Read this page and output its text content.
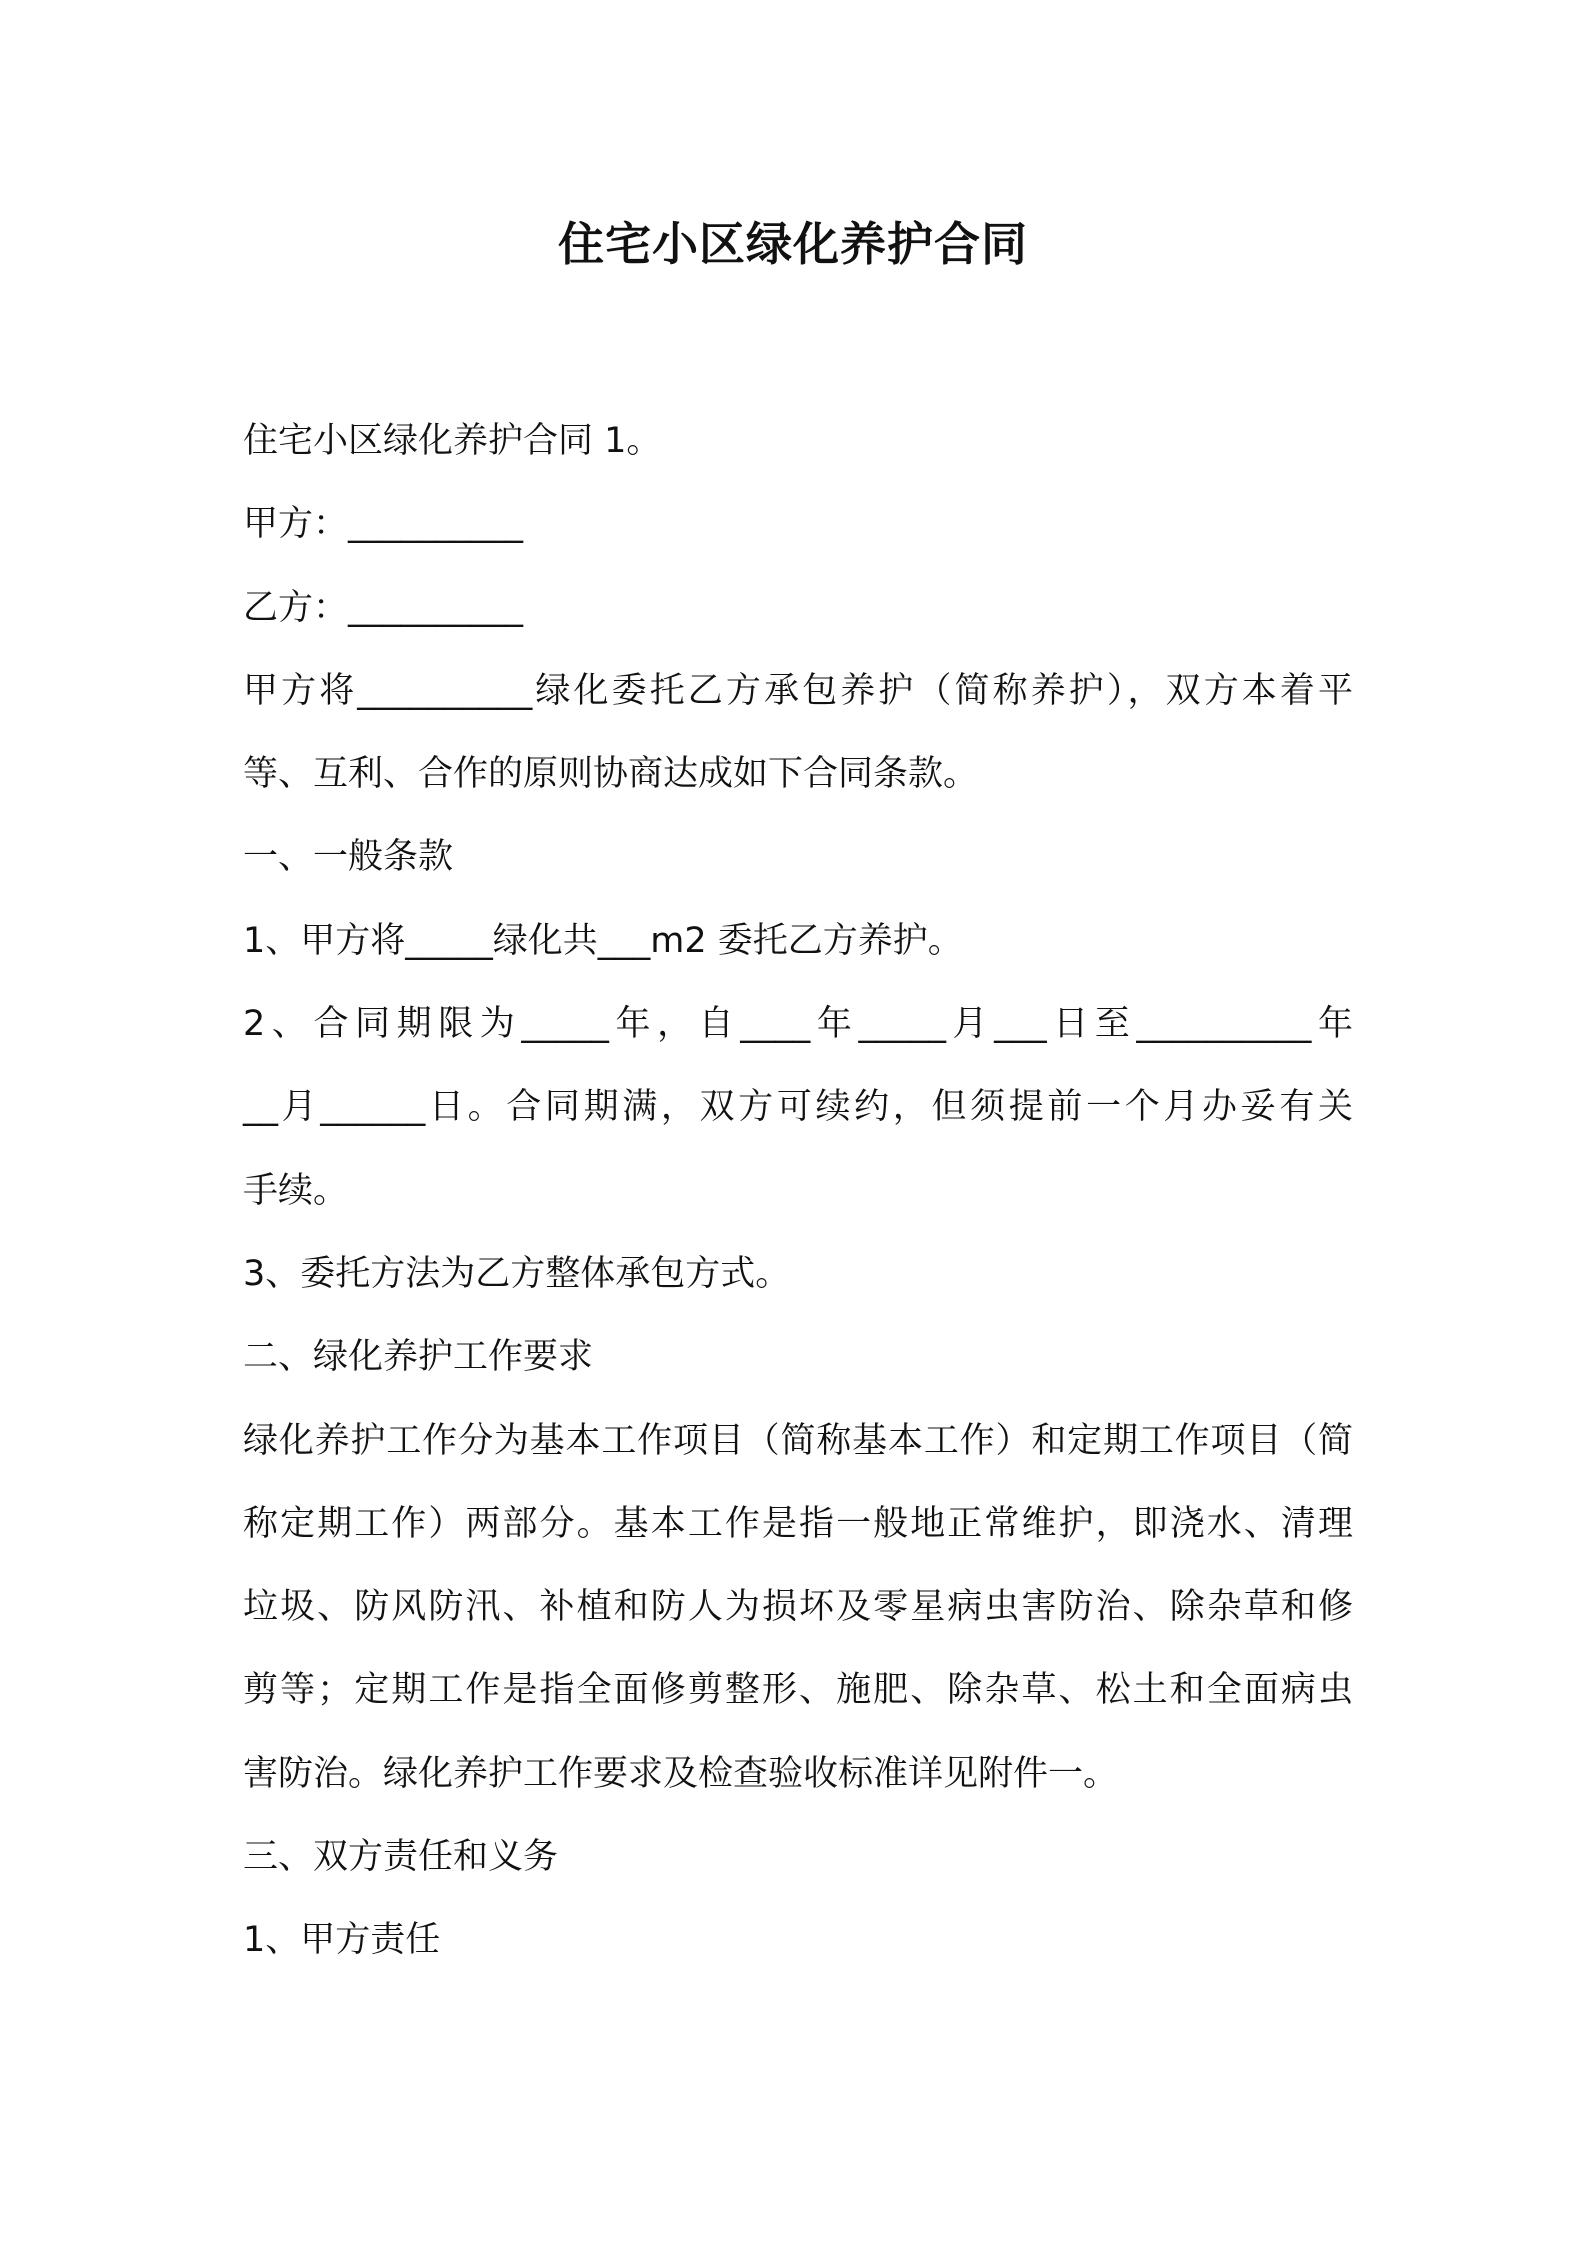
住宅小区绿化养护合同
住宅小区绿化养护合同 1。
甲方：__________
乙方：__________
甲方将__________绿化委托乙方承包养护（简称养护），双方本着平
等、互利、合作的原则协商达成如下合同条款。
一、一般条款
1、甲方将_____绿化共___m2 委托乙方养护。
2、合同期限为_____年，自____年_____月___日至__________年
__月______日。合同期满，双方可续约，但须提前一个月办妥有关
手续。
3、委托方法为乙方整体承包方式。
二、绿化养护工作要求
绿化养护工作分为基本工作项目（简称基本工作）和定期工作项目（简
称定期工作）两部分。基本工作是指一般地正常维护，即浇水、清理
垃圾、防风防汛、补植和防人为损坏及零星病虫害防治、除杂草和修
剪等；定期工作是指全面修剪整形、施肥、除杂草、松土和全面病虫
害防治。绿化养护工作要求及检查验收标准详见附件一。
三、双方责任和义务
1、甲方责任
